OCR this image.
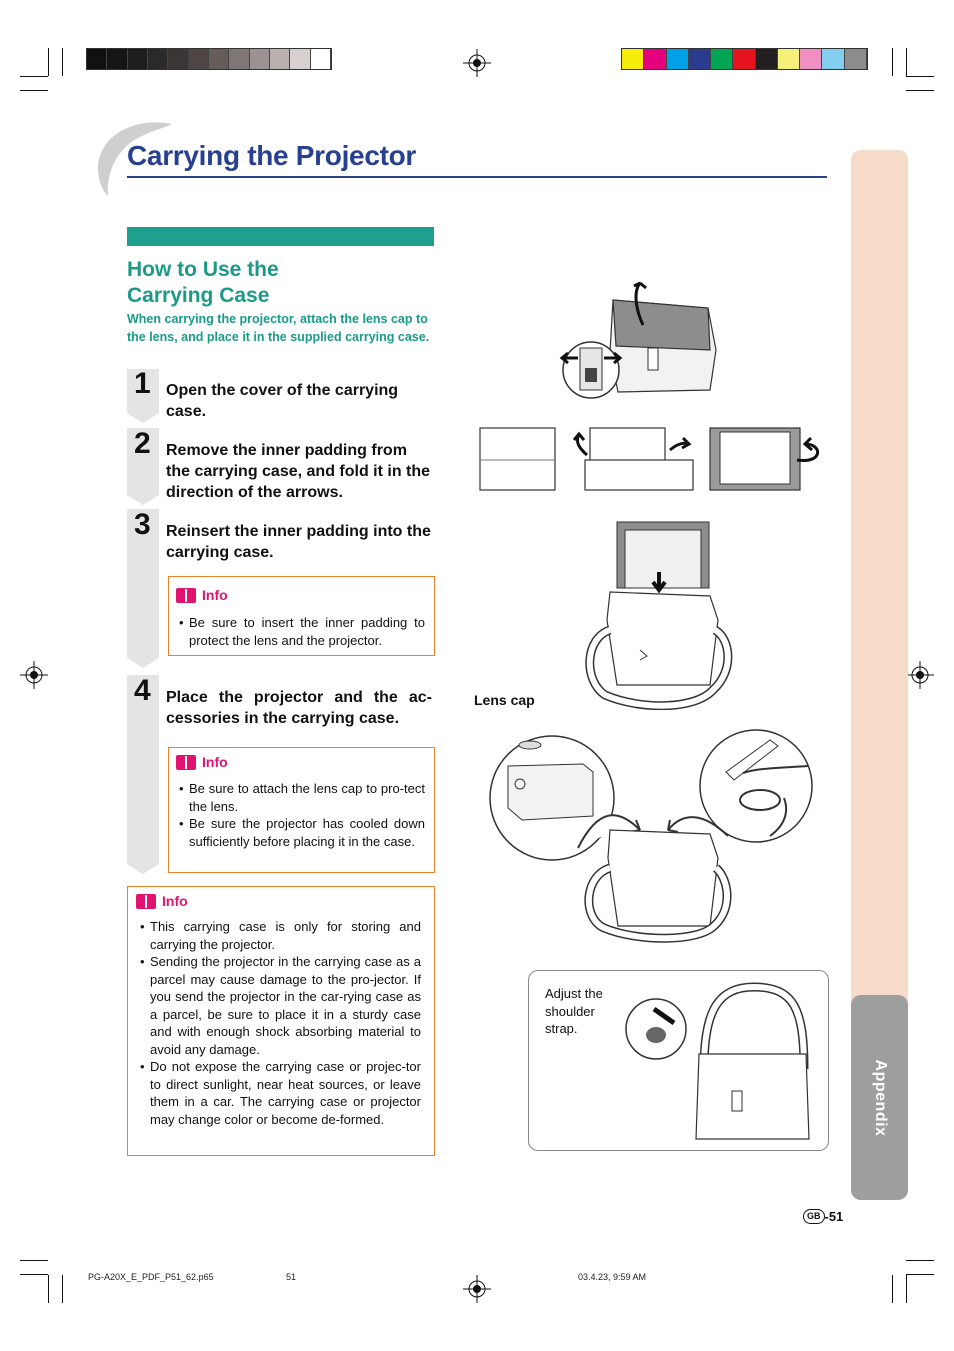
Carrying the Projector
Appendix
How to Use the
Carrying Case
When carrying the projector, attach the lens cap to the lens, and place it in the supplied carrying case.
1
2
3
4
Open the cover of the carrying case.
Remove the inner padding from the carrying case, and fold it in the direction of the arrows.
Reinsert the inner padding into the carrying case.
Place the projector and the ac-cessories in the carrying case.
Info
• Be sure to insert the inner padding to protect the lens and the projector.
Info
• Be sure to attach the lens cap to pro-tect the lens.
• Be sure the projector has cooled down sufficiently before placing it in the case.
Info
• This carrying case is only for storing and carrying the projector.
• Sending the projector in the carrying case as a parcel may cause damage to the pro-jector. If you send the projector in the car-rying case as a parcel, be sure to place it in a sturdy case and with enough shock absorbing material to avoid any damage.
• Do not expose the carrying case or projec-tor to direct sunlight, near heat sources, or leave them in a car. The carrying case or projector may change color or become de-formed.
Lens cap
Adjust the shoulder strap.
GB -51
PG-A20X_E_PDF_P51_62.p65	51	03.4.23, 9:59 AM
